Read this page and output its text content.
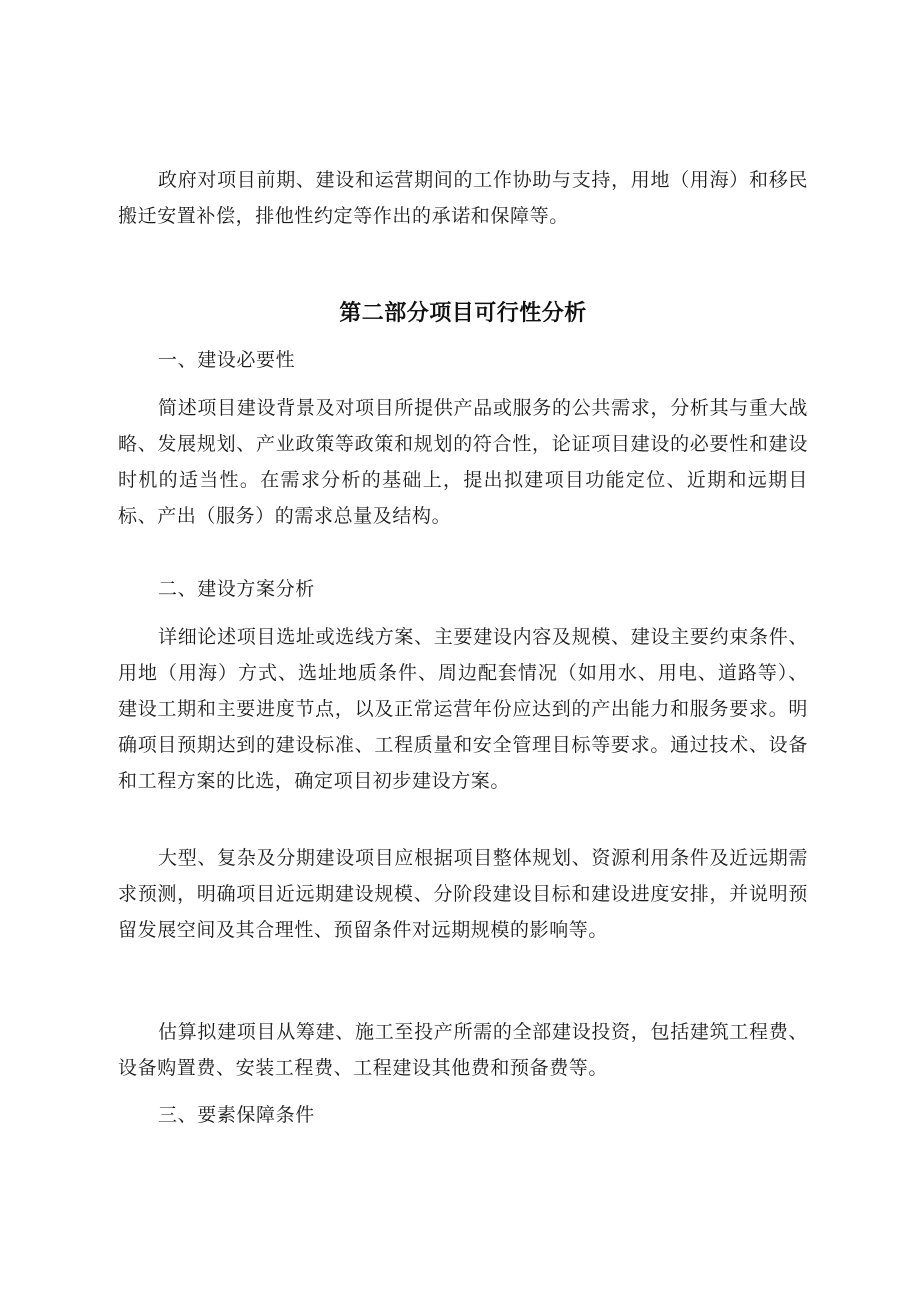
政府对项目前期、建设和运营期间的工作协助与支持，用地（用海）和移民搬迁安置补偿，排他性约定等作出的承诺和保障等。

第二部分项目可行性分析

一、建设必要性

简述项目建设背景及对项目所提供产品或服务的公共需求，分析其与重大战略、发展规划、产业政策等政策和规划的符合性，论证项目建设的必要性和建设时机的适当性。在需求分析的基础上，提出拟建项目功能定位、近期和远期目标、产出（服务）的需求总量及结构。

二、建设方案分析

详细论述项目选址或选线方案、主要建设内容及规模、建设主要约束条件、用地（用海）方式、选址地质条件、周边配套情况（如用水、用电、道路等）、建设工期和主要进度节点，以及正常运营年份应达到的产出能力和服务要求。明确项目预期达到的建设标准、工程质量和安全管理目标等要求。通过技术、设备和工程方案的比选，确定项目初步建设方案。

大型、复杂及分期建设项目应根据项目整体规划、资源利用条件及近远期需求预测，明确项目近远期建设规模、分阶段建设目标和建设进度安排，并说明预留发展空间及其合理性、预留条件对远期规模的影响等。

估算拟建项目从筹建、施工至投产所需的全部建设投资，包括建筑工程费、设备购置费、安装工程费、工程建设其他费和预备费等。

三、要素保障条件
